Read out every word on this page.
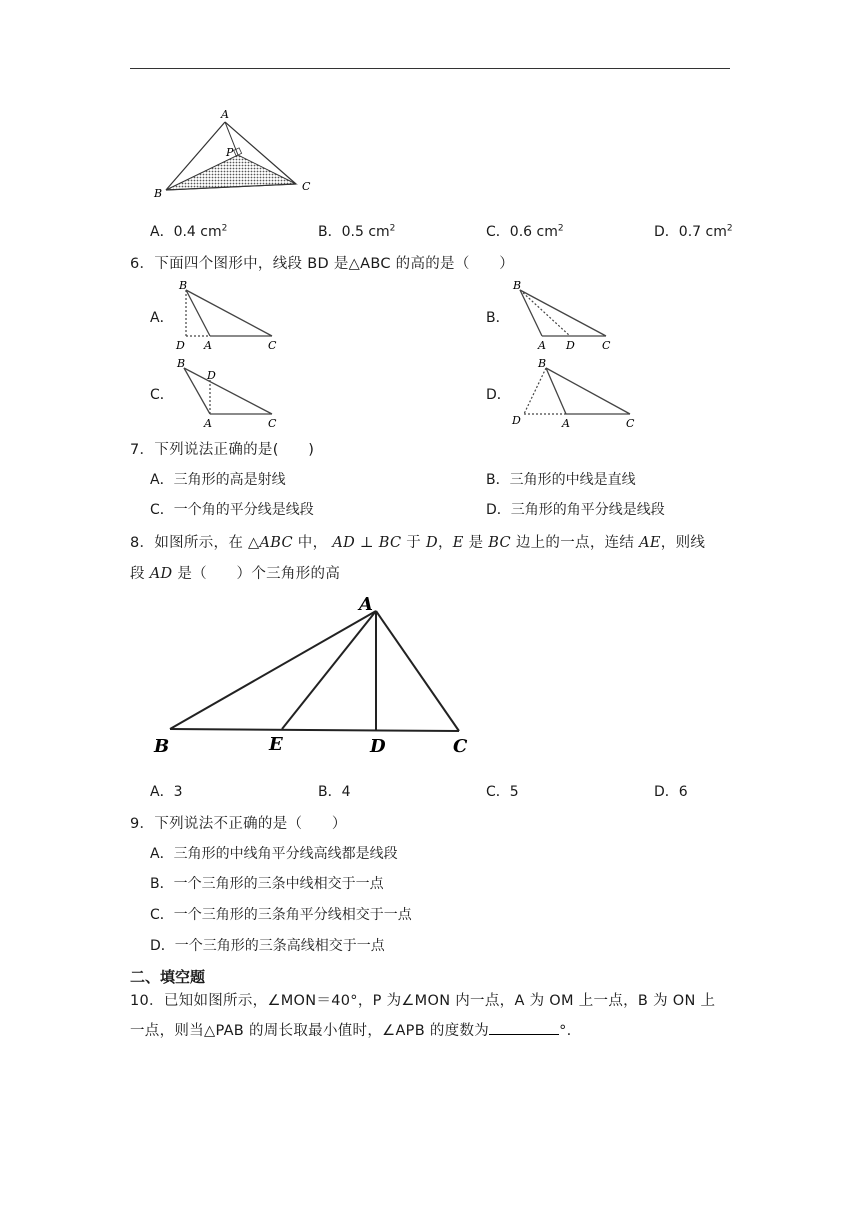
A
P
B
C
A．0.4 $cm^2$	B．0.5 $cm^2$	C．0.6 $cm^2$	D．0.7 $cm^2$
6．下面四个图形中，线段 BD 是△ABC 的高的是（　　）
A．
B
D A	C
B．
B
A D C
C．
B
D
A	C
D．
B
D	A	C
7．下列说法正确的是(　　)
A．三角形的高是射线	B．三角形的中线是直线
C．一个角的平分线是线段	D．三角形的角平分线是线段
8．如图所示，在 △ABC 中， AD ⊥ BC 于 D，E 是 BC 边上的一点，连结 AE，则线
段 AD 是（　　）个三角形的高
A
B	E	D	C
A．3	B．4	C．5	D．6
9．下列说法不正确的是（　　）
A．三角形的中线角平分线高线都是线段
B．一个三角形的三条中线相交于一点
C．一个三角形的三条角平分线相交于一点
D．一个三角形的三条高线相交于一点
二、填空题
10．已知如图所示，∠MON＝40°，P 为∠MON 内一点，A 为 OM 上一点，B 为 ON 上
一点，则当△PAB 的周长取最小值时，∠APB 的度数为	°.
